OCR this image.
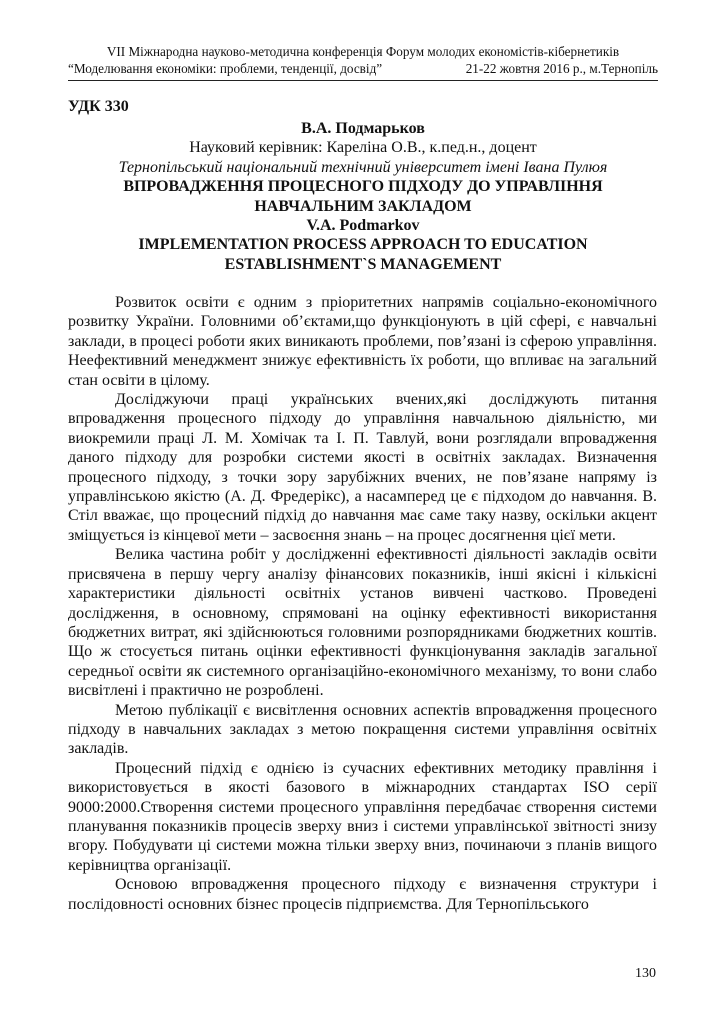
VII Міжнародна науково-методична конференція Форум молодих економістів-кібернетиків
“Моделювання економіки: проблеми, тенденції, досвід”	21-22 жовтня 2016 р., м.Тернопіль
УДК 330
В.А. Подмарьков
Науковий керівник: Кареліна О.В., к.пед.н., доцент
Тернопільський національний технічний університет імені Івана Пулюя
ВПРОВАДЖЕННЯ ПРОЦЕСНОГО ПІДХОДУ ДО УПРАВЛІННЯ
НАВЧАЛЬНИМ ЗАКЛАДОМ
V.A. Podmarkov
IMPLEMENTATION PROCESS APPROACH TO EDUCATION
ESTABLISHMENT`S MANAGEMENT

Розвиток освіти є одним з пріоритетних напрямів соціально-економічного розвитку України. Головними об’єктами,що функціонують в цій сфері, є навчальні заклади, в процесі роботи яких виникають проблеми, пов’язані із сферою управління. Неефективний менеджмент знижує ефективність їх роботи, що впливає на загальний стан освіти в цілому.

Досліджуючи праці українських вчених,які досліджують питання впровадження процесного підходу до управління навчальною діяльністю, ми виокремили праці Л. М. Хомічак та І. П. Тавлуй, вони розглядали впровадження даного підходу для розробки системи якості в освітніх закладах. Визначення процесного підходу, з точки зору зарубіжних вчених, не пов’язане напряму із управлінською якістю (А. Д. Фредерікс), а насамперед це є підходом до навчання. В. Стіл вважає, що процесний підхід до навчання має саме таку назву, оскільки акцент зміщується із кінцевої мети – засвоєння знань – на процес досягнення цієї мети.

Велика частина робіт у дослідженні ефективності діяльності закладів освіти присвячена в першу чергу аналізу фінансових показників, інші якісні і кількісні характеристики діяльності освітніх установ вивчені частково. Проведені дослідження, в основному, спрямовані на оцінку ефективності використання бюджетних витрат, які здійснюються головними розпорядниками бюджетних коштів. Що ж стосується питань оцінки ефективності функціонування закладів загальної середньої освіти як системного організаційно-економічного механізму, то вони слабо висвітлені і практично не розроблені.

Метою публікації є висвітлення основних аспектів впровадження процесного підходу в навчальних закладах з метою покращення системи управління освітніх закладів.

Процесний підхід є однією із сучасних ефективних методику правління і використовується в якості базового в міжнародних стандартах ISO серії 9000:2000.Створення системи процесного управління передбачає створення системи планування показників процесів зверху вниз і системи управлінської звітності знизу вгору. Побудувати ці системи можна тільки зверху вниз, починаючи з планів вищого керівництва організації.

Основою впровадження процесного підходу є визначення структури і послідовності основних бізнес процесів підприємства. Для Тернопільського

130
